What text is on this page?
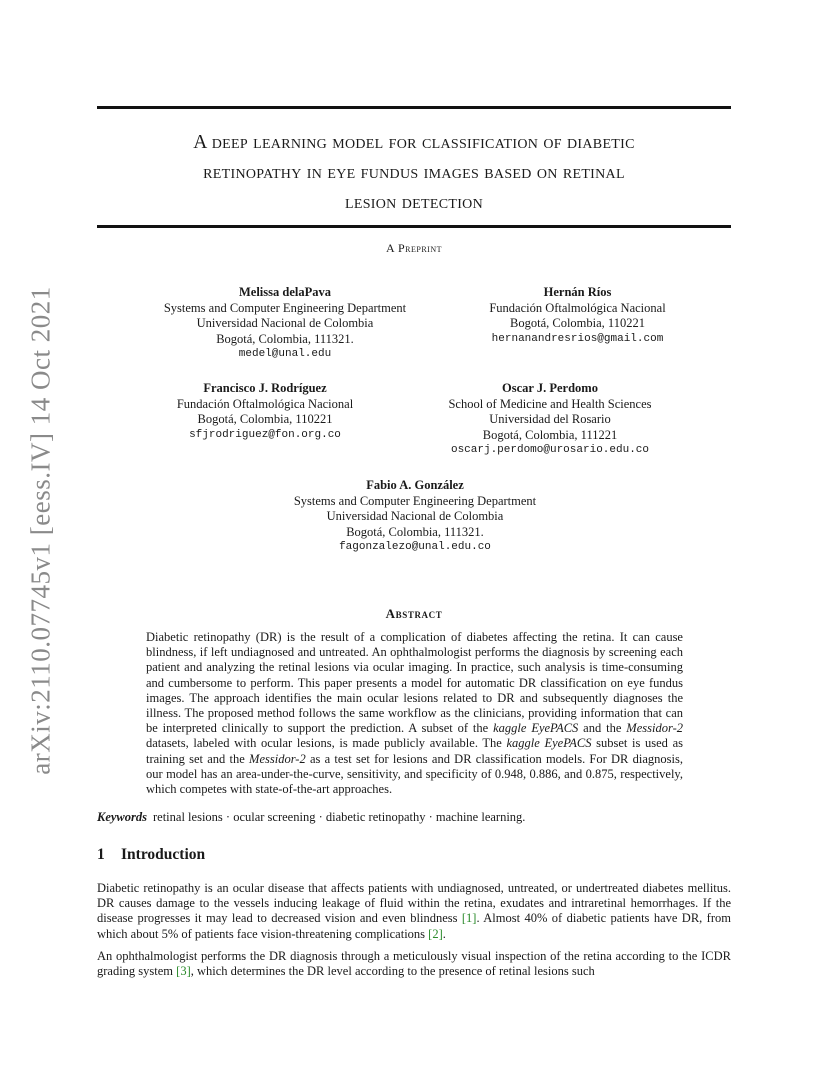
arXiv:2110.07745v1 [eess.IV] 14 Oct 2021
A deep learning model for classification of diabetic
retinopathy in eye fundus images based on retinal
lesion detection
A Preprint
Melissa delaPava
Systems and Computer Engineering Department
Universidad Nacional de Colombia
Bogotá, Colombia, 111321.
medel@unal.edu
Hernán Ríos
Fundación Oftalmológica Nacional
Bogotá, Colombia, 110221
hernanandresrios@gmail.com
Francisco J. Rodríguez
Fundación Oftalmológica Nacional
Bogotá, Colombia, 110221
sfjrodriguez@fon.org.co
Oscar J. Perdomo
School of Medicine and Health Sciences
Universidad del Rosario
Bogotá, Colombia, 111221
oscarj.perdomo@urosario.edu.co
Fabio A. González
Systems and Computer Engineering Department
Universidad Nacional de Colombia
Bogotá, Colombia, 111321.
fagonzalezo@unal.edu.co
Abstract
Diabetic retinopathy (DR) is the result of a complication of diabetes affecting the retina. It can cause blindness, if left undiagnosed and untreated. An ophthalmologist performs the diagnosis by screening each patient and analyzing the retinal lesions via ocular imaging. In practice, such analysis is time-consuming and cumbersome to perform. This paper presents a model for automatic DR classification on eye fundus images. The approach identifies the main ocular lesions related to DR and subsequently diagnoses the illness. The proposed method follows the same workflow as the clinicians, providing information that can be interpreted clinically to support the prediction. A subset of the kaggle EyePACS and the Messidor-2 datasets, labeled with ocular lesions, is made publicly available. The kaggle EyePACS subset is used as training set and the Messidor-2 as a test set for lesions and DR classification models. For DR diagnosis, our model has an area-under-the-curve, sensitivity, and specificity of 0.948, 0.886, and 0.875, respectively, which competes with state-of-the-art approaches.
Keywords retinal lesions · ocular screening · diabetic retinopathy · machine learning.
1 Introduction
Diabetic retinopathy is an ocular disease that affects patients with undiagnosed, untreated, or undertreated diabetes mellitus. DR causes damage to the vessels inducing leakage of fluid within the retina, exudates and intraretinal hemorrhages. If the disease progresses it may lead to decreased vision and even blindness [1]. Almost 40% of diabetic patients have DR, from which about 5% of patients face vision-threatening complications [2].
An ophthalmologist performs the DR diagnosis through a meticulously visual inspection of the retina according to the ICDR grading system [3], which determines the DR level according to the presence of retinal lesions such
